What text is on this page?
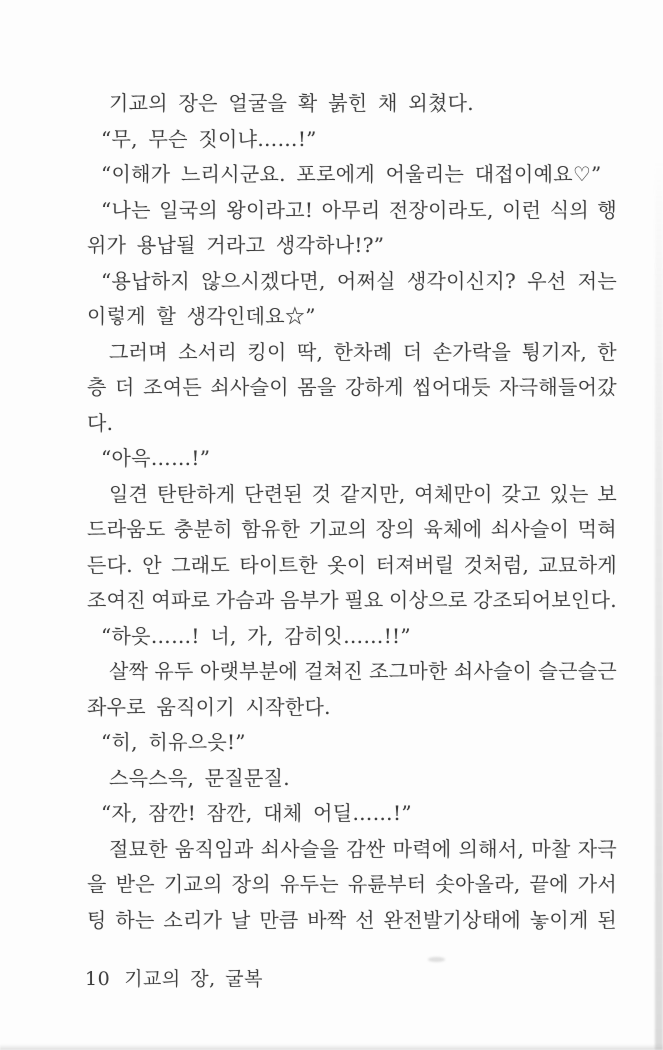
기교의 장은 얼굴을 확 붉힌 채 외쳤다.
“무, 무슨 짓이냐……!”
“이해가 느리시군요. 포로에게 어울리는 대접이예요♡”
“나는 일국의 왕이라고! 아무리 전장이라도, 이런 식의 행
위가 용납될 거라고 생각하나!?”
“용납하지 않으시겠다면, 어쩌실 생각이신지? 우선 저는
이렇게 할 생각인데요☆”
그러며 소서리 킹이 딱, 한차례 더 손가락을 튕기자, 한
층 더 조여든 쇠사슬이 몸을 강하게 씹어대듯 자극해들어갔
다.
“아윽……!”
일견 탄탄하게 단련된 것 같지만, 여체만이 갖고 있는 보
드라움도 충분히 함유한 기교의 장의 육체에 쇠사슬이 먹혀
든다. 안 그래도 타이트한 옷이 터져버릴 것처럼, 교묘하게
조여진 여파로 가슴과 음부가 필요 이상으로 강조되어보인다.
“하읏……! 너, 가, 감히잇……!!”
살짝 유두 아랫부분에 걸쳐진 조그마한 쇠사슬이 슬근슬근
좌우로 움직이기 시작한다.
“히, 히유으읏!”
스윽스윽, 문질문질.
“자, 잠깐! 잠깐, 대체 어딜……!”
절묘한 움직임과 쇠사슬을 감싼 마력에 의해서, 마찰 자극
을 받은 기교의 장의 유두는 유륜부터 솟아올라, 끝에 가서
팅 하는 소리가 날 만큼 바짝 선 완전발기상태에 놓이게 된
10 기교의 장, 굴복
